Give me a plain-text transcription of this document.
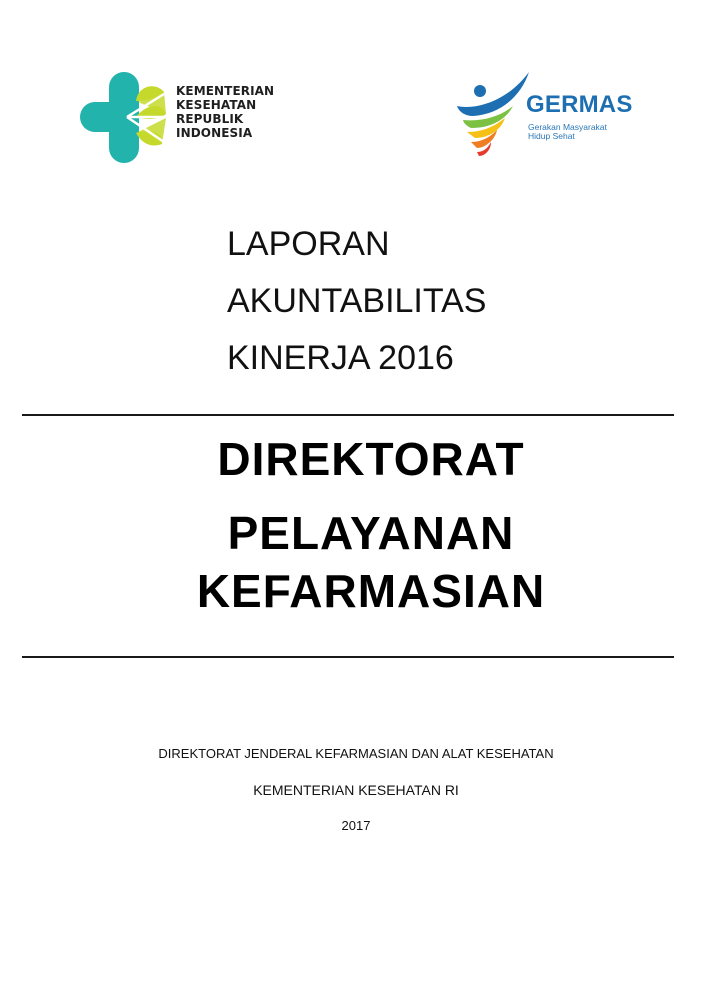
KEMENTERIAN
KESEHATAN
REPUBLIK
INDONESIA
GERMAS
Gerakan Masyarakat
Hidup Sehat
LAPORAN
AKUNTABILITAS
KINERJA 2016
DIREKTORAT
PELAYANAN
KEFARMASIAN
DIREKTORAT JENDERAL KEFARMASIAN DAN ALAT KESEHATAN
KEMENTERIAN KESEHATAN RI
2017
